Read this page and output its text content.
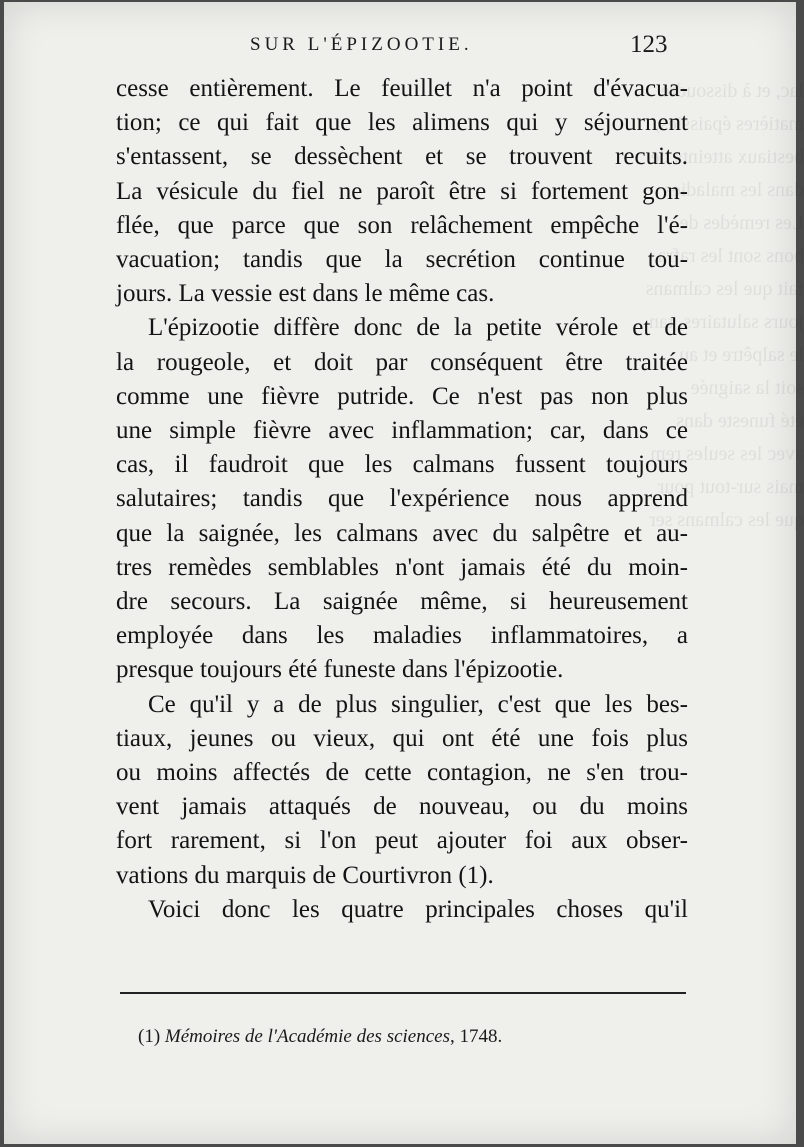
lac, et à dissoudre
matières épaissies,
bestiaux atteints de
dans les maladies
Les remèdes de
bons sont les rafra
fait que les calmans
jours salutaires, tan
le salpêtre et au
soit la saignée
été funeste dans
avec les seules rem
mais sur-tout pour
que les calmans ser

SUR L'ÉPIZOOTIE.	123
cesse entièrement. Le feuillet n'a point d'évacua-
tion; ce qui fait que les alimens qui y séjournent
s'entassent, se dessèchent et se trouvent recuits.
La vésicule du fiel ne paroît être si fortement gon-
flée, que parce que son relâchement empêche l'é-
vacuation; tandis que la secrétion continue tou-
jours. La vessie est dans le même cas.
L'épizootie diffère donc de la petite vérole et de
la rougeole, et doit par conséquent être traitée
comme une fièvre putride. Ce n'est pas non plus
une simple fièvre avec inflammation; car, dans ce
cas, il faudroit que les calmans fussent toujours
salutaires; tandis que l'expérience nous apprend
que la saignée, les calmans avec du salpêtre et au-
tres remèdes semblables n'ont jamais été du moin-
dre secours. La saignée même, si heureusement
employée dans les maladies inflammatoires, a
presque toujours été funeste dans l'épizootie.
Ce qu'il y a de plus singulier, c'est que les bes-
tiaux, jeunes ou vieux, qui ont été une fois plus
ou moins affectés de cette contagion, ne s'en trou-
vent jamais attaqués de nouveau, ou du moins
fort rarement, si l'on peut ajouter foi aux obser-
vations du marquis de Courtivron (1).
Voici donc les quatre principales choses qu'il
(1) Mémoires de l'Académie des sciences, 1748.
